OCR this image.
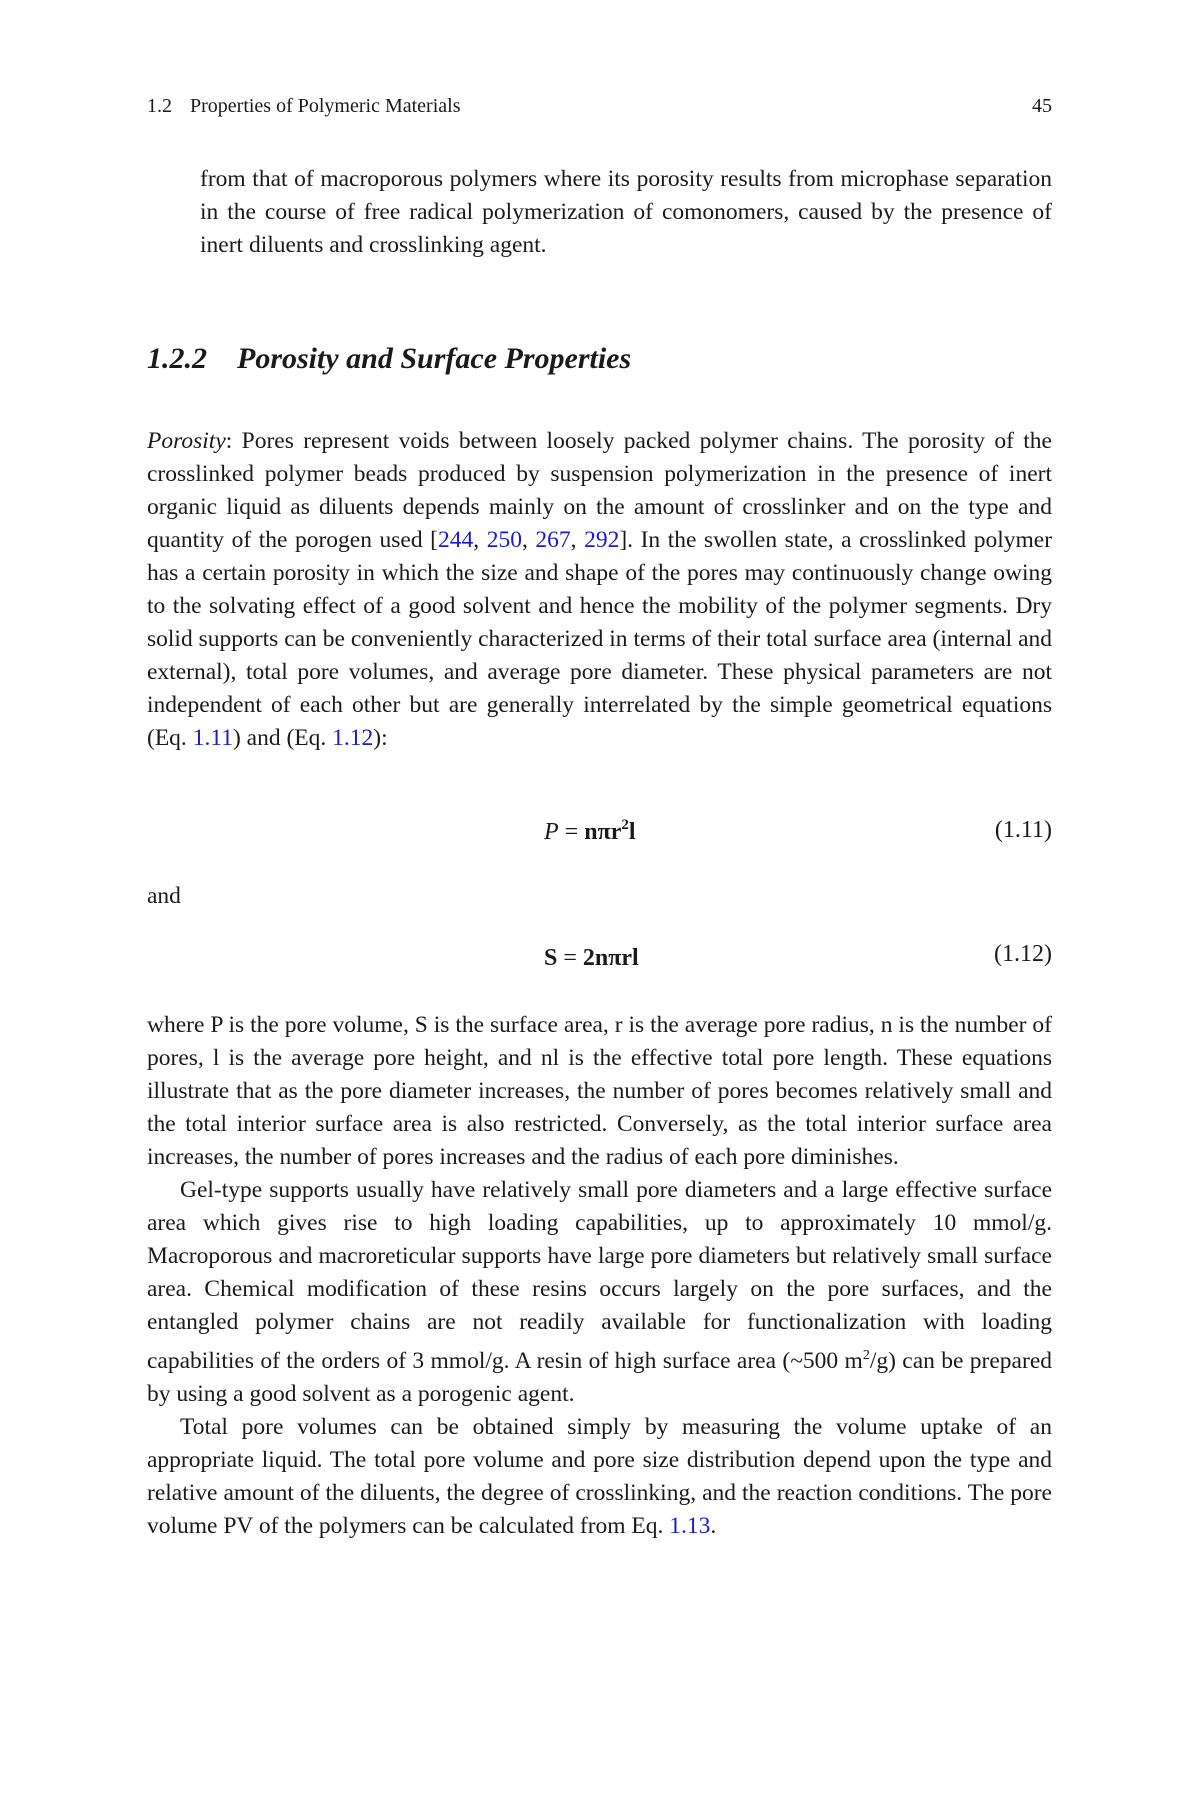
1.2 Properties of Polymeric Materials	45

from that of macroporous polymers where its porosity results from microphase separation in the course of free radical polymerization of comonomers, caused by the presence of inert diluents and crosslinking agent.

1.2.2 Porosity and Surface Properties

Porosity: Pores represent voids between loosely packed polymer chains. The porosity of the crosslinked polymer beads produced by suspension polymerization in the presence of inert organic liquid as diluents depends mainly on the amount of crosslinker and on the type and quantity of the porogen used [244, 250, 267, 292]. In the swollen state, a crosslinked polymer has a certain porosity in which the size and shape of the pores may continuously change owing to the solvating effect of a good solvent and hence the mobility of the polymer segments. Dry solid supports can be conveniently characterized in terms of their total surface area (internal and external), total pore volumes, and average pore diameter. These physical parameters are not independent of each other but are generally interrelated by the simple geometrical equations (Eq. 1.11) and (Eq. 1.12):

P = nπr$^2$l	(1.11)
and
S = 2nπrl	(1.12)

where P is the pore volume, S is the surface area, r is the average pore radius, n is the number of pores, l is the average pore height, and nl is the effective total pore length. These equations illustrate that as the pore diameter increases, the number of pores becomes relatively small and the total interior surface area is also restricted. Conversely, as the total interior surface area increases, the number of pores increases and the radius of each pore diminishes.

Gel-type supports usually have relatively small pore diameters and a large effective surface area which gives rise to high loading capabilities, up to approximately 10 mmol/g. Macroporous and macroreticular supports have large pore diameters but relatively small surface area. Chemical modification of these resins occurs largely on the pore surfaces, and the entangled polymer chains are not readily available for functionalization with loading capabilities of the orders of 3 mmol/g. A resin of high surface area (~500 $m^2/g$) can be prepared by using a good solvent as a porogenic agent.

Total pore volumes can be obtained simply by measuring the volume uptake of an appropriate liquid. The total pore volume and pore size distribution depend upon the type and relative amount of the diluents, the degree of crosslinking, and the reaction conditions. The pore volume PV of the polymers can be calculated from Eq. 1.13.
